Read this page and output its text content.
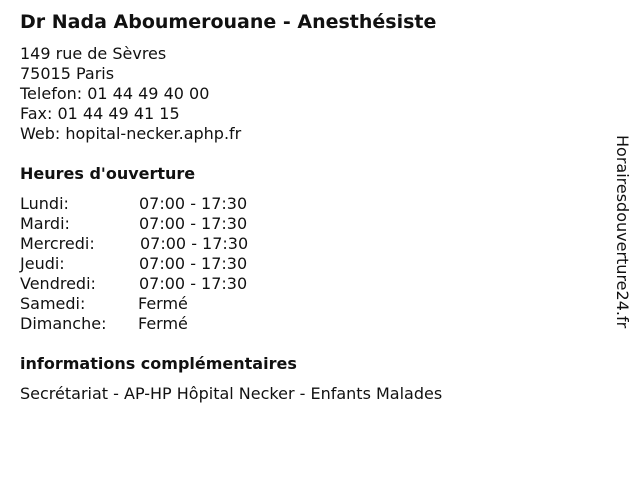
Dr Nada Aboumerouane - Anesthésiste
149 rue de Sèvres
75015 Paris
Telefon: 01 44 49 40 00
Fax: 01 44 49 41 15
Web: hopital-necker.aphp.fr
Heures d'ouverture
Lundi:	07:00 - 17:30
Mardi:	07:00 - 17:30
Mercredi:	07:00 - 17:30
Jeudi:	07:00 - 17:30
Vendredi:	07:00 - 17:30
Samedi:	Fermé
Dimanche: Fermé
informations complémentaires
Secrétariat - AP-HP Hôpital Necker - Enfants Malades
Horairesdouverture24.fr
